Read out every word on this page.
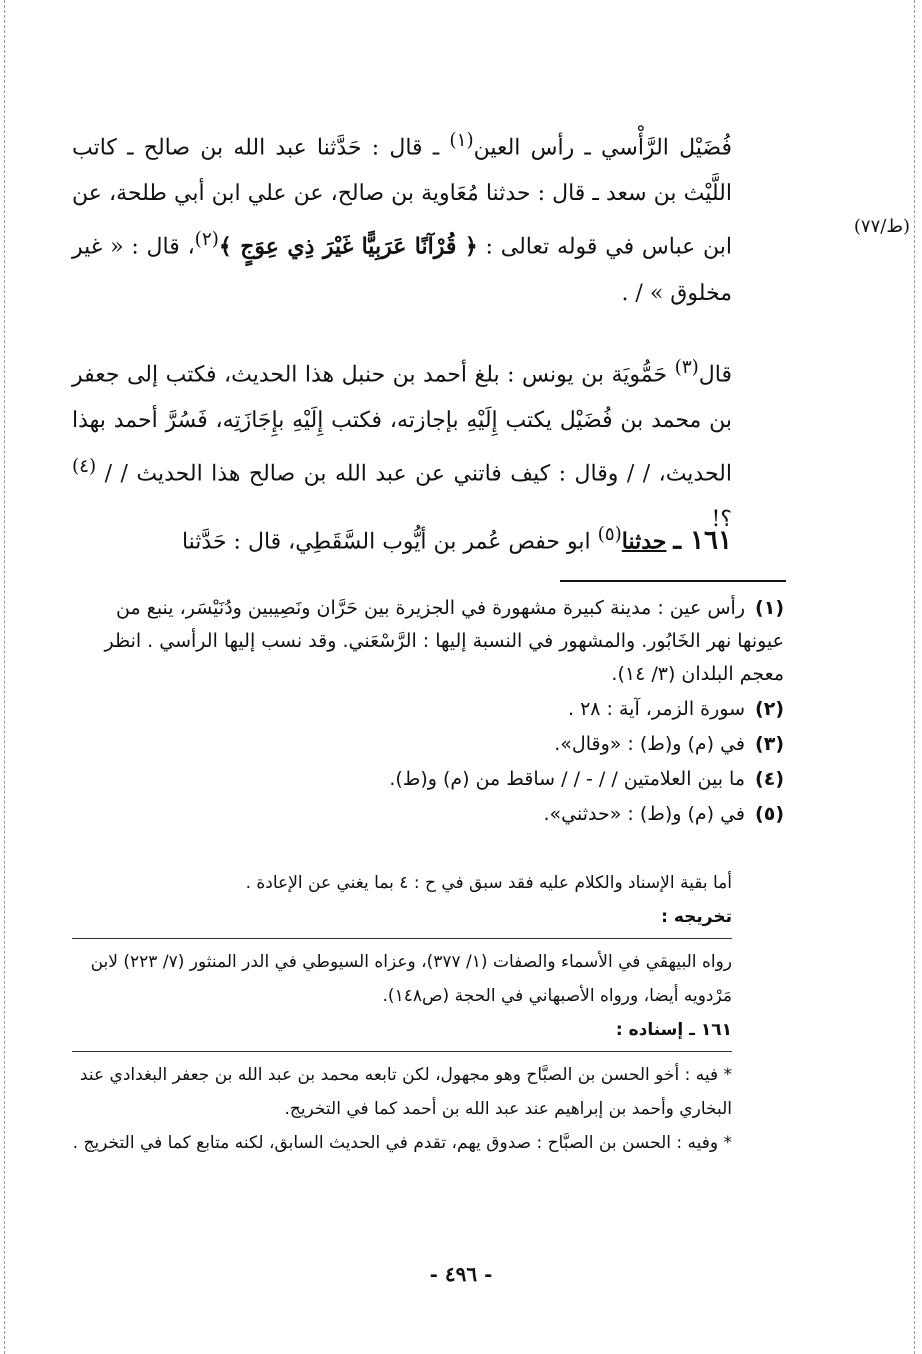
(ط/٧٧)

فُضَيْل الرَّأْسي ـ رأس العين$^{(١)}$ ـ قال : حَدَّثنا عبد الله بن صالح ـ كاتب اللَّيْث بن سعد ـ قال : حدثنا مُعَاوية بن صالح، عن علي ابن أبي طلحة، عن ابن عباس في قوله تعالى : ﴿ قُرْآنًا عَرَبِيًّا غَيْرَ ذِي عِوَجٍ ﴾$^{(٢)}$، قال : « غير مخلوق » / .

قال$^{(٣)}$ حَمُّويَة بن يونس : بلغ أحمد بن حنبل هذا الحديث، فكتب إلى جعفر بن محمد بن فُضَيْل يكتب إِلَيْهِ بإجازته، فكتب إِلَيْهِ بإِجَازَتِه، فَسُرَّ أحمد بهذا الحديث، / / وقال : كيف فاتني عن عبد الله بن صالح هذا الحديث / / $^{(٤)}$ ؟!

١٦١ ـ حدثنا$^{(٥)}$ ابو حفص عُمر بن أيُّوب السَّقَطِي، قال : حَدَّثنا

(١)رأس عين : مدينة كبيرة مشهورة في الجزيرة بين حَرَّان ونَصِيبين ودُنَيْسَر، ينبع من عيونها نهر الخَابُور. والمشهور في النسبة إليها : الرَّسْعَني. وقد نسب إليها الرأسي . انظر معجم البلدان (٣/ ١٤).

(٢)سورة الزمر، آية : ٢٨ .

(٣)في (م) و(ط) : «وقال».

(٤)ما بين العلامتين / / - / / ساقط من (م) و(ط).

(٥)في (م) و(ط) : «حدثني».

أما بقية الإسناد والكلام عليه فقد سبق في ح : ٤ بما يغني عن الإعادة .

تخريجه :

رواه البيهقي في الأسماء والصفات (١/ ٣٧٧)، وعزاه السيوطي في الدر المنثور (٧/ ٢٢٣) لابن مَرْدويه أيضا، ورواه الأصبهاني في الحجة (ص١٤٨).

١٦١ ـ إسناده :

* فيه : أخو الحسن بن الصبَّاح وهو مجهول، لكن تابعه محمد بن عبد الله بن جعفر البغدادي عند البخاري وأحمد بن إبراهيم عند عبد الله بن أحمد كما في التخريج.

* وفيه : الحسن بن الصبَّاح : صدوق يهم، تقدم في الحديث السابق، لكنه متابع كما في التخريج .

- ٤٩٦ -
